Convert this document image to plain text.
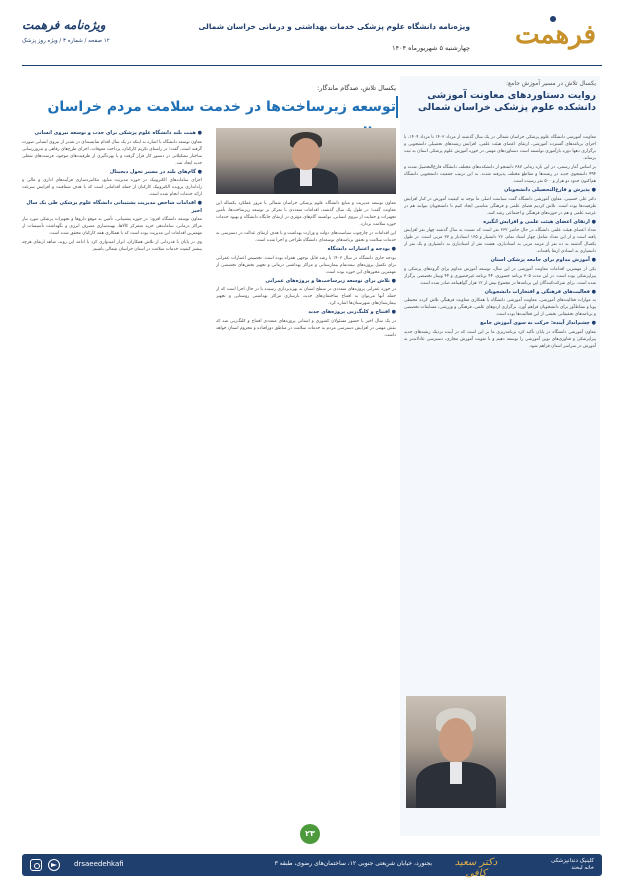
فرهمت
ویژه‌نامه دانشگاه علوم پزشکی خدمات بهداشتی و درمانی خراسان شمالی
چهارشنبه ۵ شهریورماه ۱۴۰۴
ویژه‌نامه فرهمت
۱۲ صفحه / شماره ۳ / ویژه روز پزشک
یکسال تلاش در مسیر آموزش جامع:
روایت دستاوردهای معاونت آموزشی دانشکده علوم پزشکی خراسان شمالی

معاونت آموزشی دانشگاه علوم پزشکی خراسان شمالی در یک سال گذشته از مرداد ۱۴۰۳ تا مرداد ۱۴۰۴، با اجرای برنامه‌های گسترده آموزشی، ارتقای اعضای هیئت علمی، افزایش رشته‌های تحصیلی دانشجویی و برگزاری دهها دوره بازآموزی توانسته است دستاوردهای مهمی در حوزه آموزش علوم پزشکی استان به ثبت برساند.

بر اساس آمار رسمی، در این بازه زمانی ۳۸۷ دانشجو از دانشکده‌های مختلف دانشگاه فارغ‌التحصیل شدند و ۴۹۴ دانشجوی جدید در رشته‌ها و مقاطع مختلف پذیرفته شدند. به این ترتیب جمعیت دانشجویی دانشگاه هم‌اکنون حدود دو هزار و ۵۰۰ نفر رسیده است.

● پذیرش و فارغ‌التحصیلی دانشجویان

دکتر علی حسینی، معاون آموزشی دانشگاه گفت سیاست اصلی ما توجه به کیفیت آموزش در کنار افزایش ظرفیت‌ها بوده است. تلاش کردیم فضای علمی و فرهنگی مناسبی ایجاد کنیم تا دانشجویان بتوانند هم در عرصه علمی و هم در حوزه‌های فرهنگی و اجتماعی رشد کنند.

● ارتقای اعضای هیئت علمی و افزایش انگیزه

تعداد اعضای هیئت علمی دانشگاه در حال حاضر ۲۳۲ نفر است که نسبت به سال گذشته چهار نفر افزایش یافته است و از این تعداد شامل چهار استاد تمام، ۲۶ دانشیار و ۱۶۵ استادیار و ۳۷ مربی است. در طول یکسال گذشته به ده نفر از مرتبه مربی به استادیاری، هشت نفر از استادیاری به دانشیاری و یک نفر از دانشیاری به استادی ارتقا یافته‌اند.

● آموزش مداوم برای جامعه پزشکی استان

یکی از مهمترین اقدامات معاونت آموزشی در این سال، توسعه آموزش مداوم برای گروه‌های پزشکی و پیراپزشکی بوده است. در این مدت ۳۰۵ برنامه حضوری، ۴۴ برنامه غیرحضوری و ۴۴ وبینار تخصصی برگزار شده است. برای شرکت‌کنندگان این برنامه‌ها در مجموع بیش از ۱۲ هزار گواهینامه صادر شده است.

● فعالیت‌های فرهنگی و افتخارات دانشجویان

به موازات فعالیت‌های آموزشی، معاونت آموزشی دانشگاه با همکاری معاونت فرهنگی تلاش کرده محیطی پویا و نشاط‌آور برای دانشجویان فراهم آورد. برگزاری اردوهای علمی، فرهنگی و ورزشی، مسابقات تخصصی و برنامه‌های تحقیقاتی بخشی از این فعالیت‌ها بوده است.

● چشم‌انداز آینده: حرکت به سوی آموزش جامع

معاون آموزشی دانشگاه در پایان تأکید کرد برنامه‌ریزی ما بر این است که در آینده نزدیک رشته‌های جدید پیراپزشکی و فناوری‌های نوین آموزشی را توسعه دهیم و با تقویت آموزش مجازی، دسترسی عادلانه‌تر به آموزش در سراسر استان فراهم شود.

یکسال تلاش، صدگام ماندگار:
توسعه زیرساخت‌ها در خدمت سلامت مردم خراسان

معاون توسعه مدیریت و منابع دانشگاه علوم پزشکی خراسان شمالی با مرور عملکرد یکساله این معاونت گفت: در طول یک سال گذشته، اقدامات متعددی با تمرکز بر توسعه زیرساخت‌ها، تأمین تجهیزات و حمایت از نیروی انسانی، توانسته گام‌های مؤثری در ارتقای جایگاه دانشگاه و بهبود خدمات حوزه سلامت بردارد.

این اقدامات در چارچوب سیاست‌های دولت و وزارت بهداشت و با هدف ارتقای عدالت در دسترسی به خدمات سلامت و تحقق برنامه‌های توسعه‌ای دانشگاه طراحی و اجرا شده است.

● بودجه و اعتبارات دانشگاه

بودجه جاری دانشگاه در سال ۱۴۰۳ با رشد قابل توجهی همراه بوده است. تخصیص اعتبارات عمرانی برای تکمیل پروژه‌های نیمه‌تمام بیمارستانی و مراکز بهداشتی درمانی و تجهیز بخش‌های تخصصی از مهمترین محورهای این حوزه بوده است.

● تلاش برای توسعه زیرساخت‌ها و پروژه‌های عمرانی

در حوزه عمرانی پروژه‌های متعددی در سطح استان به بهره‌برداری رسیده یا در حال اجرا است که از جمله آنها می‌توان به افتتاح ساختمان‌های جدید، بازسازی مراکز بهداشتی روستایی و تجهیز بیمارستان‌های شهرستان‌ها اشاره کرد.

● افتتاح و کلنگ‌زنی پروژه‌های جدید

در یک سال اخیر با حضور مسئولان کشوری و استانی پروژه‌های متعددی افتتاح و کلنگ‌زنی شد که نقش مهمی در افزایش دسترسی مردم به خدمات سلامت در مناطق دورافتاده و محروم استان خواهد داشت.

● همت بلند دانشگاه علوم پزشکی برای جذب و توسعه نیروی انسانی

معاون توسعه دانشگاه با اشاره به اینکه در یک سال اقدام شایسته‌ای در تقدیر از نیروی انسانی صورت گرفته است، گفت: در راستای تکریم کارکنان، پرداخت معوقات، اجرای طرح‌های رفاهی و به‌روزرسانی ساختار تشکیلاتی در دستور کار قرار گرفت و با بهره‌گیری از ظرفیت‌های موجود، فرصت‌های شغلی جدید ایجاد شد.

● گام‌های بلند در مسیر تحول دیجیتال

اجرای سامانه‌های الکترونیک در حوزه مدیریت منابع، مکانیزه‌سازی فرآیندهای اداری و مالی و راه‌اندازی پرونده الکترونیک کارکنان از جمله اقداماتی است که با هدف شفافیت و افزایش سرعت ارائه خدمات انجام شده است.

● اقدامات شاخص مدیریت پشتیبانی دانشگاه علوم پزشکی طی یک سال اخیر

معاون توسعه دانشگاه افزود: در حوزه پشتیبانی، تأمین به موقع داروها و تجهیزات پزشکی مورد نیاز مراکز درمانی، ساماندهی خرید متمرکز کالاها، بهینه‌سازی مصرف انرژی و نگهداشت تأسیسات از مهمترین اقدامات این مدیریت بوده است که با همکاری همه کارکنان محقق شده است.

وی در پایان با قدردانی از تلاش همکاران، ابراز امیدواری کرد با ادامه این روند، شاهد ارتقای هرچه بیشتر کیفیت خدمات سلامت در استان خراسان شمالی باشیم.

۲۳
کلینیک دندانپزشکی
خانه لبخند
دکتر سعید کافی
بجنورد، خیابان شریعتی جنوبی ۱۲، ساختمان‌های رضوی، طبقه ۳
drsaeedehkafi
